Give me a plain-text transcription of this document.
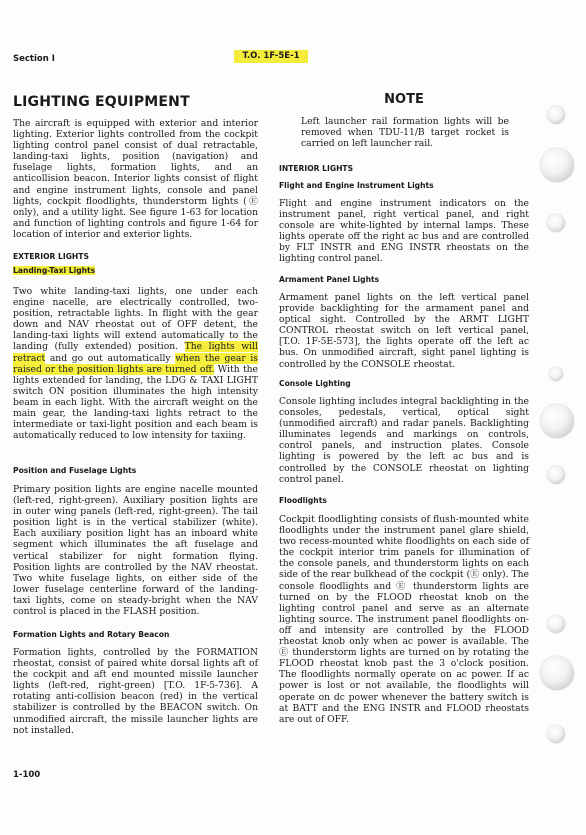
Section I	T.O. 1F-5E-1
LIGHTING EQUIPMENT
The aircraft is equipped with exterior and interior lighting. Exterior lights controlled from the cockpit lighting control panel consist of dual retractable, landing-taxi lights, position (navigation) and fuselage lights, formation lights, and an anticollision beacon. Interior lights consist of flight and engine instrument lights, console and panel lights, cockpit floodlights, thunderstorm lights (Ⓔ only), and a utility light. See figure 1-63 for location and function of lighting controls and figure 1-64 for location of interior and exterior lights.
EXTERIOR LIGHTS
Landing-Taxi Lights
Two white landing-taxi lights, one under each engine nacelle, are electrically controlled, two-position, retractable lights. In flight with the gear down and NAV rheostat out of OFF detent, the landing-taxi lights will extend automatically to the landing (fully extended) position. The lights will retract and go out automatically when the gear is raised or the position lights are turned off. With the lights extended for landing, the LDG & TAXI LIGHT switch ON position illuminates the high intensity beam in each light. With the aircraft weight on the main gear, the landing-taxi lights retract to the intermediate or taxi-light position and each beam is automatically reduced to low intensity for taxiing.
Position and Fuselage Lights
Primary position lights are engine nacelle mounted (left-red, right-green). Auxiliary position lights are in outer wing panels (left-red, right-green). The tail position light is in the vertical stabilizer (white). Each auxiliary position light has an inboard white segment which illuminates the aft fuselage and vertical stabilizer for night formation flying. Position lights are controlled by the NAV rheostat. Two white fuselage lights, on either side of the lower fuselage centerline forward of the landing-taxi lights, come on steady-bright when the NAV control is placed in the FLASH position.
Formation Lights and Rotary Beacon
Formation lights, controlled by the FORMATION rheostat, consist of paired white dorsal lights aft of the cockpit and aft end mounted missile launcher lights (left-red, right-green) [T.O. 1F-5-736]. A rotating anti-collision beacon (red) in the vertical stabilizer is controlled by the BEACON switch. On unmodified aircraft, the missile launcher lights are not installed.
NOTE
Left launcher rail formation lights will be removed when TDU-11/B target rocket is carried on left launcher rail.
INTERIOR LIGHTS
Flight and Engine Instrument Lights
Flight and engine instrument indicators on the instrument panel, right vertical panel, and right console are white-lighted by internal lamps. These lights operate off the right ac bus and are controlled by FLT INSTR and ENG INSTR rheostats on the lighting control panel.
Armament Panel Lights
Armament panel lights on the left vertical panel provide backlighting for the armament panel and optical sight. Controlled by the ARMT LIGHT CONTROL rheostat switch on left vertical panel, [T.O. 1F-5E-573], the lights operate off the left ac bus. On unmodified aircraft, sight panel lighting is controlled by the CONSOLE rheostat.
Console Lighting
Console lighting includes integral backlighting in the consoles, pedestals, vertical, optical sight (unmodified aircraft) and radar panels. Backlighting illuminates legends and markings on controls, control panels, and instruction plates. Console lighting is powered by the left ac bus and is controlled by the CONSOLE rheostat on lighting control panel.
Floodlights
Cockpit floodlighting consists of flush-mounted white floodlights under the instrument panel glare shield, two recess-mounted white floodlights on each side of the cockpit interior trim panels for illumination of the console panels, and thunderstorm lights on each side of the rear bulkhead of the cockpit (Ⓔ only). The console floodlights and Ⓔ thunderstorm lights are turned on by the FLOOD rheostat knob on the lighting control panel and serve as an alternate lighting source. The instrument panel floodlights on-off and intensity are controlled by the FLOOD rheostat knob only when ac power is available. The Ⓔ thunderstorm lights are turned on by rotating the FLOOD rheostat knob past the 3 o'clock position. The floodlights normally operate on ac power. If ac power is lost or not available, the floodlights will operate on dc power whenever the battery switch is at BATT and the ENG INSTR and FLOOD rheostats are out of OFF.
1-100
